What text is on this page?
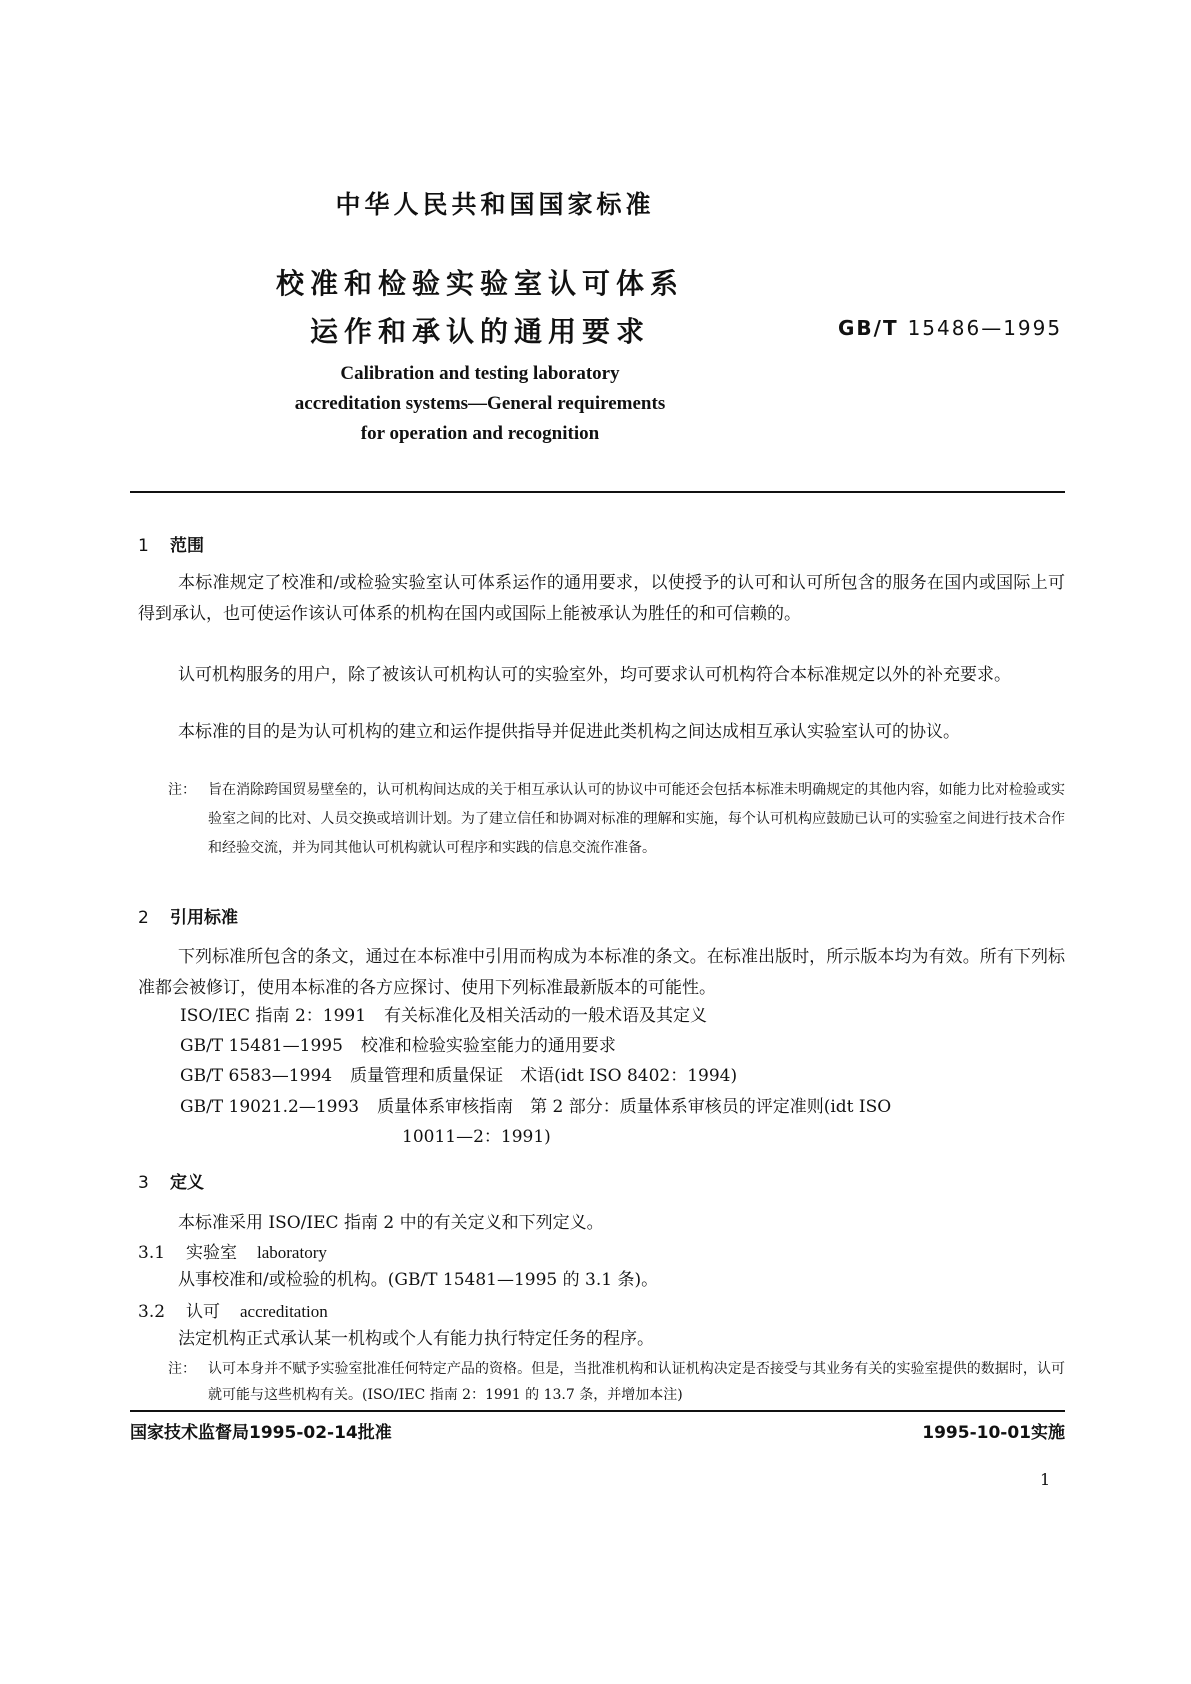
中华人民共和国国家标准
校准和检验实验室认可体系
运作和承认的通用要求	GB/T 15486—1995
Calibration and testing laboratory
accreditation systems—General requirements
for operation and recognition
1 范围
本标准规定了校准和/或检验实验室认可体系运作的通用要求，以使授予的认可和认可所包含的服务在国内或国际上可得到承认，也可使运作该认可体系的机构在国内或国际上能被承认为胜任的和可信赖的。
认可机构服务的用户，除了被该认可机构认可的实验室外，均可要求认可机构符合本标准规定以外的补充要求。
本标准的目的是为认可机构的建立和运作提供指导并促进此类机构之间达成相互承认实验室认可的协议。
注： 旨在消除跨国贸易壁垒的，认可机构间达成的关于相互承认认可的协议中可能还会包括本标准未明确规定的其他内容，如能力比对检验或实验室之间的比对、人员交换或培训计划。为了建立信任和协调对标准的理解和实施，每个认可机构应鼓励已认可的实验室之间进行技术合作和经验交流，并为同其他认可机构就认可程序和实践的信息交流作准备。
2 引用标准
下列标准所包含的条文，通过在本标准中引用而构成为本标准的条文。在标准出版时，所示版本均为有效。所有下列标准都会被修订，使用本标准的各方应探讨、使用下列标准最新版本的可能性。
ISO/IEC 指南 2：1991 有关标准化及相关活动的一般术语及其定义
GB/T 15481—1995 校准和检验实验室能力的通用要求
GB/T 6583—1994 质量管理和质量保证　术语(idt ISO 8402：1994)
GB/T 19021.2—1993 质量体系审核指南　第 2 部分：质量体系审核员的评定准则(idt ISO
10011—2：1991)
3 定义
本标准采用 ISO/IEC 指南 2 中的有关定义和下列定义。
3.1 实验室 laboratory
从事校准和/或检验的机构。(GB/T 15481—1995 的 3.1 条)。
3.2 认可 accreditation
法定机构正式承认某一机构或个人有能力执行特定任务的程序。
注： 认可本身并不赋予实验室批准任何特定产品的资格。但是，当批准机构和认证机构决定是否接受与其业务有关的实验室提供的数据时，认可就可能与这些机构有关。(ISO/IEC 指南 2：1991 的 13.7 条，并增加本注)
国家技术监督局1995-02-14批准	1995-10-01实施
1
